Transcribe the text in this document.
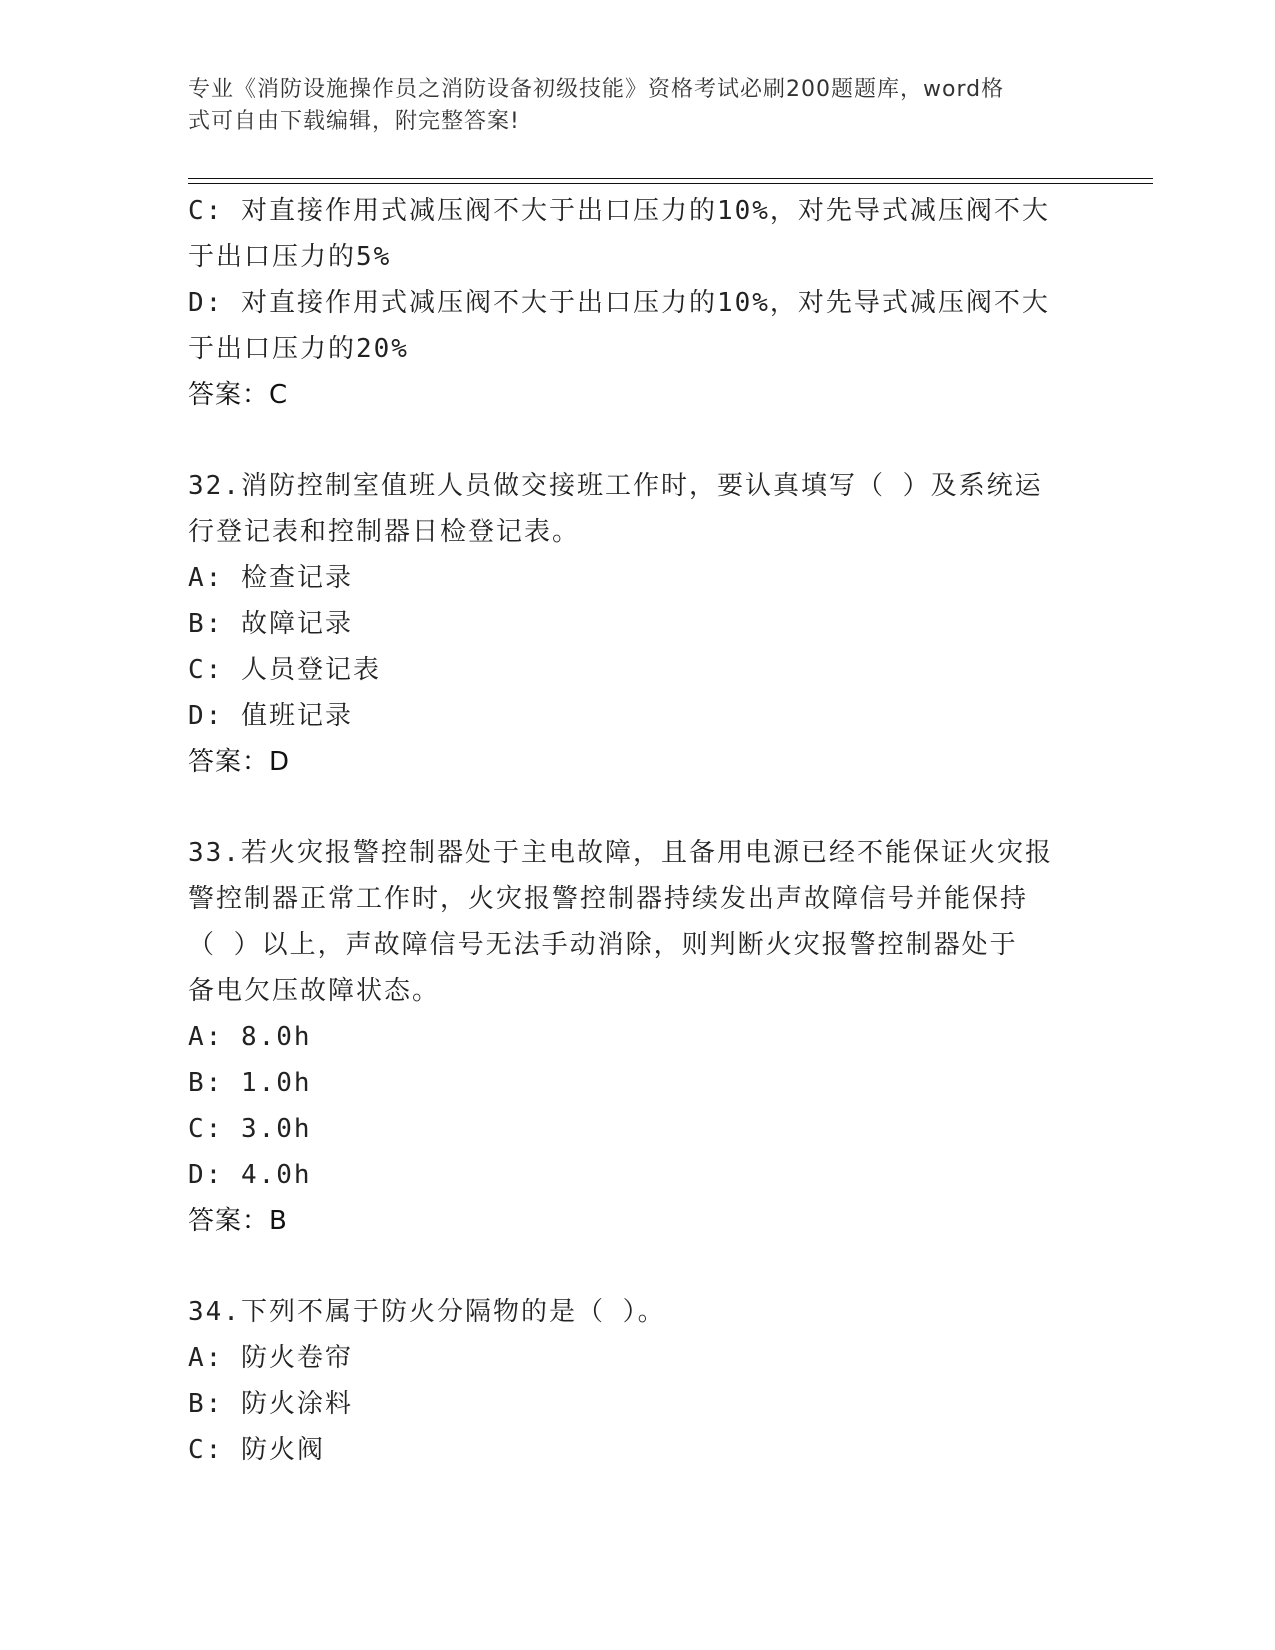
专业《消防设施操作员之消防设备初级技能》资格考试必刷200题题库，word格
式可自由下载编辑，附完整答案!
C: 对直接作用式减压阀不大于出口压力的10%，对先导式减压阀不大
于出口压力的5%
D: 对直接作用式减压阀不大于出口压力的10%，对先导式减压阀不大
于出口压力的20%
答案：C
32.消防控制室值班人员做交接班工作时，要认真填写（ ）及系统运
行登记表和控制器日检登记表。
A: 检查记录
B: 故障记录
C: 人员登记表
D: 值班记录
答案：D
33.若火灾报警控制器处于主电故障，且备用电源已经不能保证火灾报
警控制器正常工作时，火灾报警控制器持续发出声故障信号并能保持
（ ）以上，声故障信号无法手动消除，则判断火灾报警控制器处于
备电欠压故障状态。
A: 8.0h
B: 1.0h
C: 3.0h
D: 4.0h
答案：B
34.下列不属于防火分隔物的是（ ）。
A: 防火卷帘
B: 防火涂料
C: 防火阀
